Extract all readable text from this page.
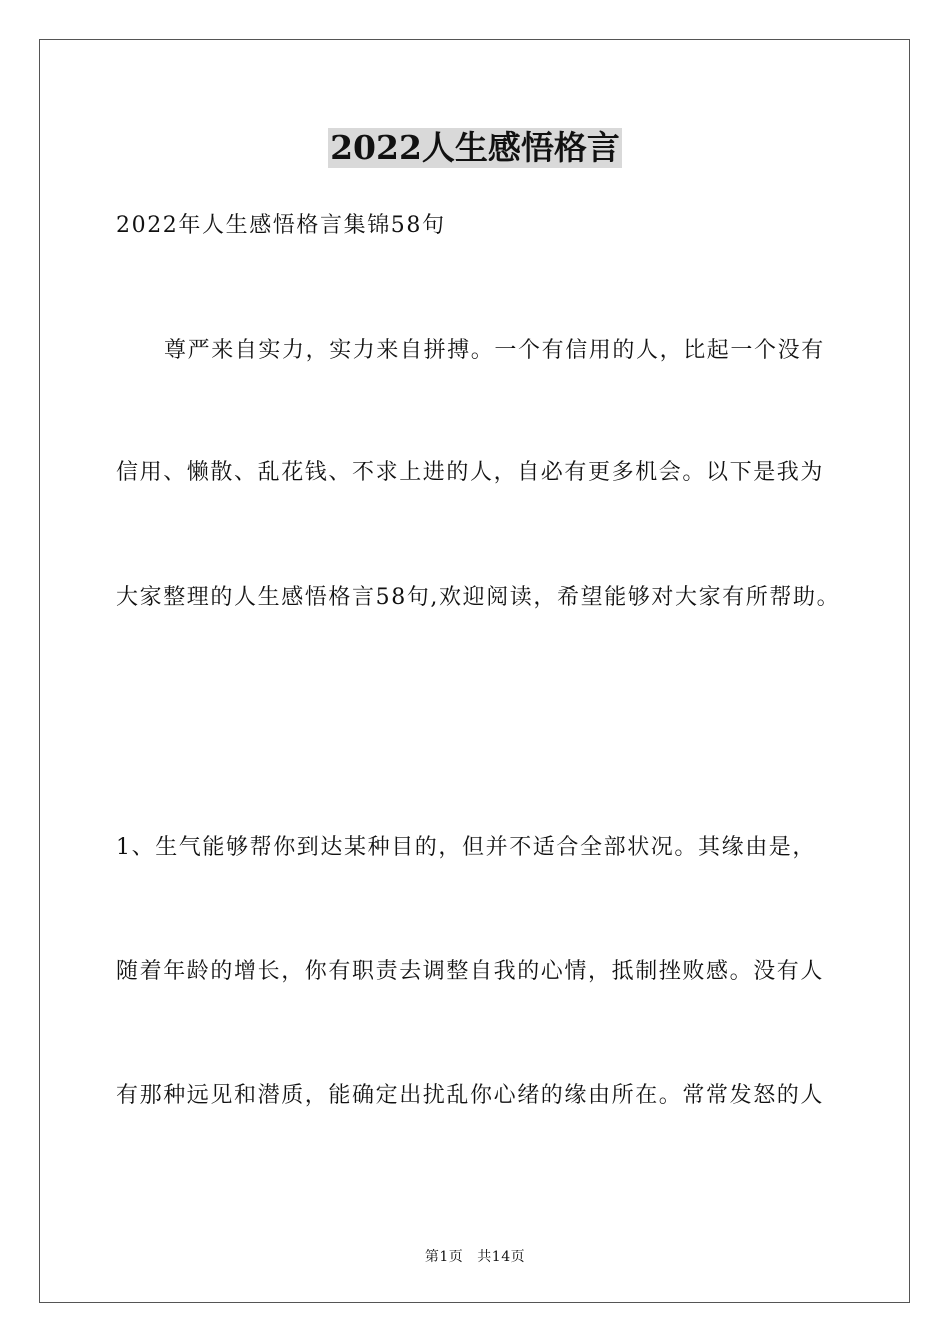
2022人生感悟格言
2022年人生感悟格言集锦58句
尊严来自实力，实力来自拼搏。一个有信用的人，比起一个没有
信用、懒散、乱花钱、不求上进的人，自必有更多机会。以下是我为
大家整理的人生感悟格言58句,欢迎阅读，希望能够对大家有所帮助。
1、生气能够帮你到达某种目的，但并不适合全部状况。其缘由是，
随着年龄的增长，你有职责去调整自我的心情，抵制挫败感。没有人
有那种远见和潜质，能确定出扰乱你心绪的缘由所在。常常发怒的人
第1页 共14页
